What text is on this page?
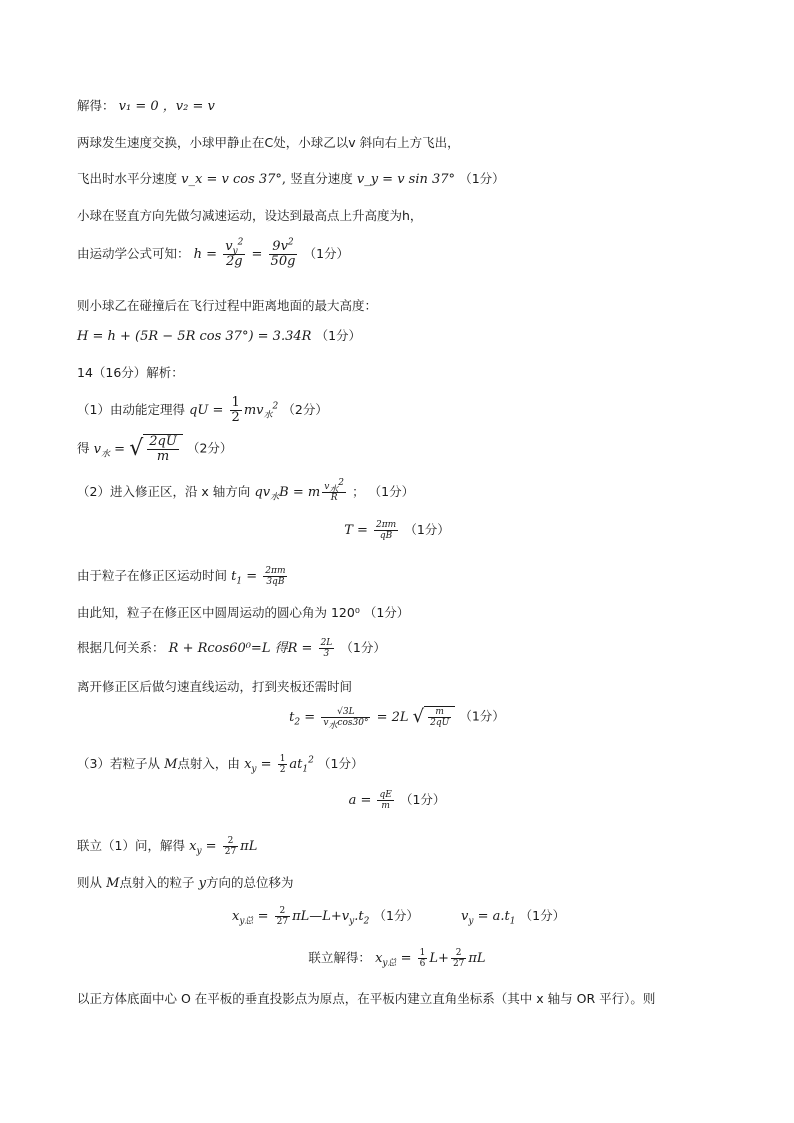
解得： v₁ = 0 ，v₂ = v
两球发生速度交换，小球甲静止在C处，小球乙以v 斜向右上方飞出，
飞出时水平分速度 v_x = v cos 37°, 竖直分速度 v_y = v sin 37° （1分）
小球在竖直方向先做匀减速运动，设达到最高点上升高度为h，
由运动学公式可知： $h = \frac{v_y^2}{2g} = \frac{9v^2}{50g} (1$分）
则小球乙在碰撞后在飞行过程中距离地面的最大高度：
H = h + (5R − 5R cos 37°) = 3.34R （1分）
14（16分）解析：
（1）由动能定理得 qU = $\frac{1}{2} mv_水^2$ （2分）
得 $v_水$ = √ $\frac{2qU}{m} (2$分）
（2）进入修正区，沿 x 轴方向 $qv_水B = m \frac{v_水^2}{R}$ ； （1分）
$T = \frac{2\pi m}{qB} (1$分）
由于粒子在修正区运动时间 $t_1 = \frac{2\pi m}{3qB}$
由此知，粒子在修正区中圆周运动的圆心角为 120⁰ （1分）
根据几何关系： R + Rcos60⁰=L 得$R = \frac{2L}{3} (1$分）
离开修正区后做匀速直线运动，打到夹板还需时间
$t_2 = \frac{√3L}{v_水\cos 30^\circ} = 2L$ √ $\frac{m}{2qU} (1$分）
（3）若粒子从 M点射入，由 $x_y = \frac{1}{2} at_1^2$ （1分）
$a = \frac{qE}{m} (1$分）
联立（1）问，解得 $x_y = \frac{2}{27}$ πL
则从 M点射入的粒子 y方向的总位移为
$x_{y总} = \frac{2}{27}$ $\pi L—L+v_y.t_2$ （1分）	$v_y = a.t_1$ （1分）
联立解得： $x_{y总} = \frac{1}{6} L+ \frac{2}{27}$ πL
以正方体底面中心 O 在平板的垂直投影点为原点，在平板内建立直角坐标系（其中 x 轴与 OR 平行）。则
